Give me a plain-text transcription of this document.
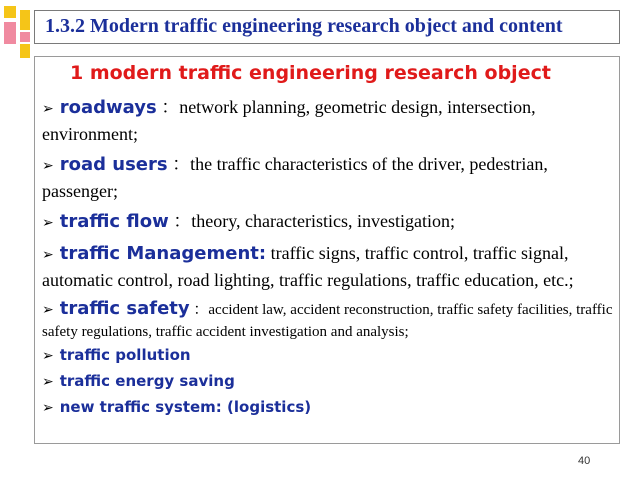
1.3.2 Modern traffic engineering research object and content
1 modern traffic engineering research object

➢ roadways ：network planning, geometric design, intersection, environment;

➢ road users ：the traffic characteristics of the driver, pedestrian, passenger;

➢ traffic flow ：theory, characteristics, investigation;

➢ traffic Management: traffic signs, traffic control, traffic signal, automatic control, road lighting, traffic regulations, traffic education, etc.;

➢ traffic safety ：accident law, accident reconstruction, traffic safety facilities, traffic safety regulations, traffic accident investigation and analysis;

➢ traffic pollution
➢ traffic energy saving
➢ new traffic system: (logistics)
40
